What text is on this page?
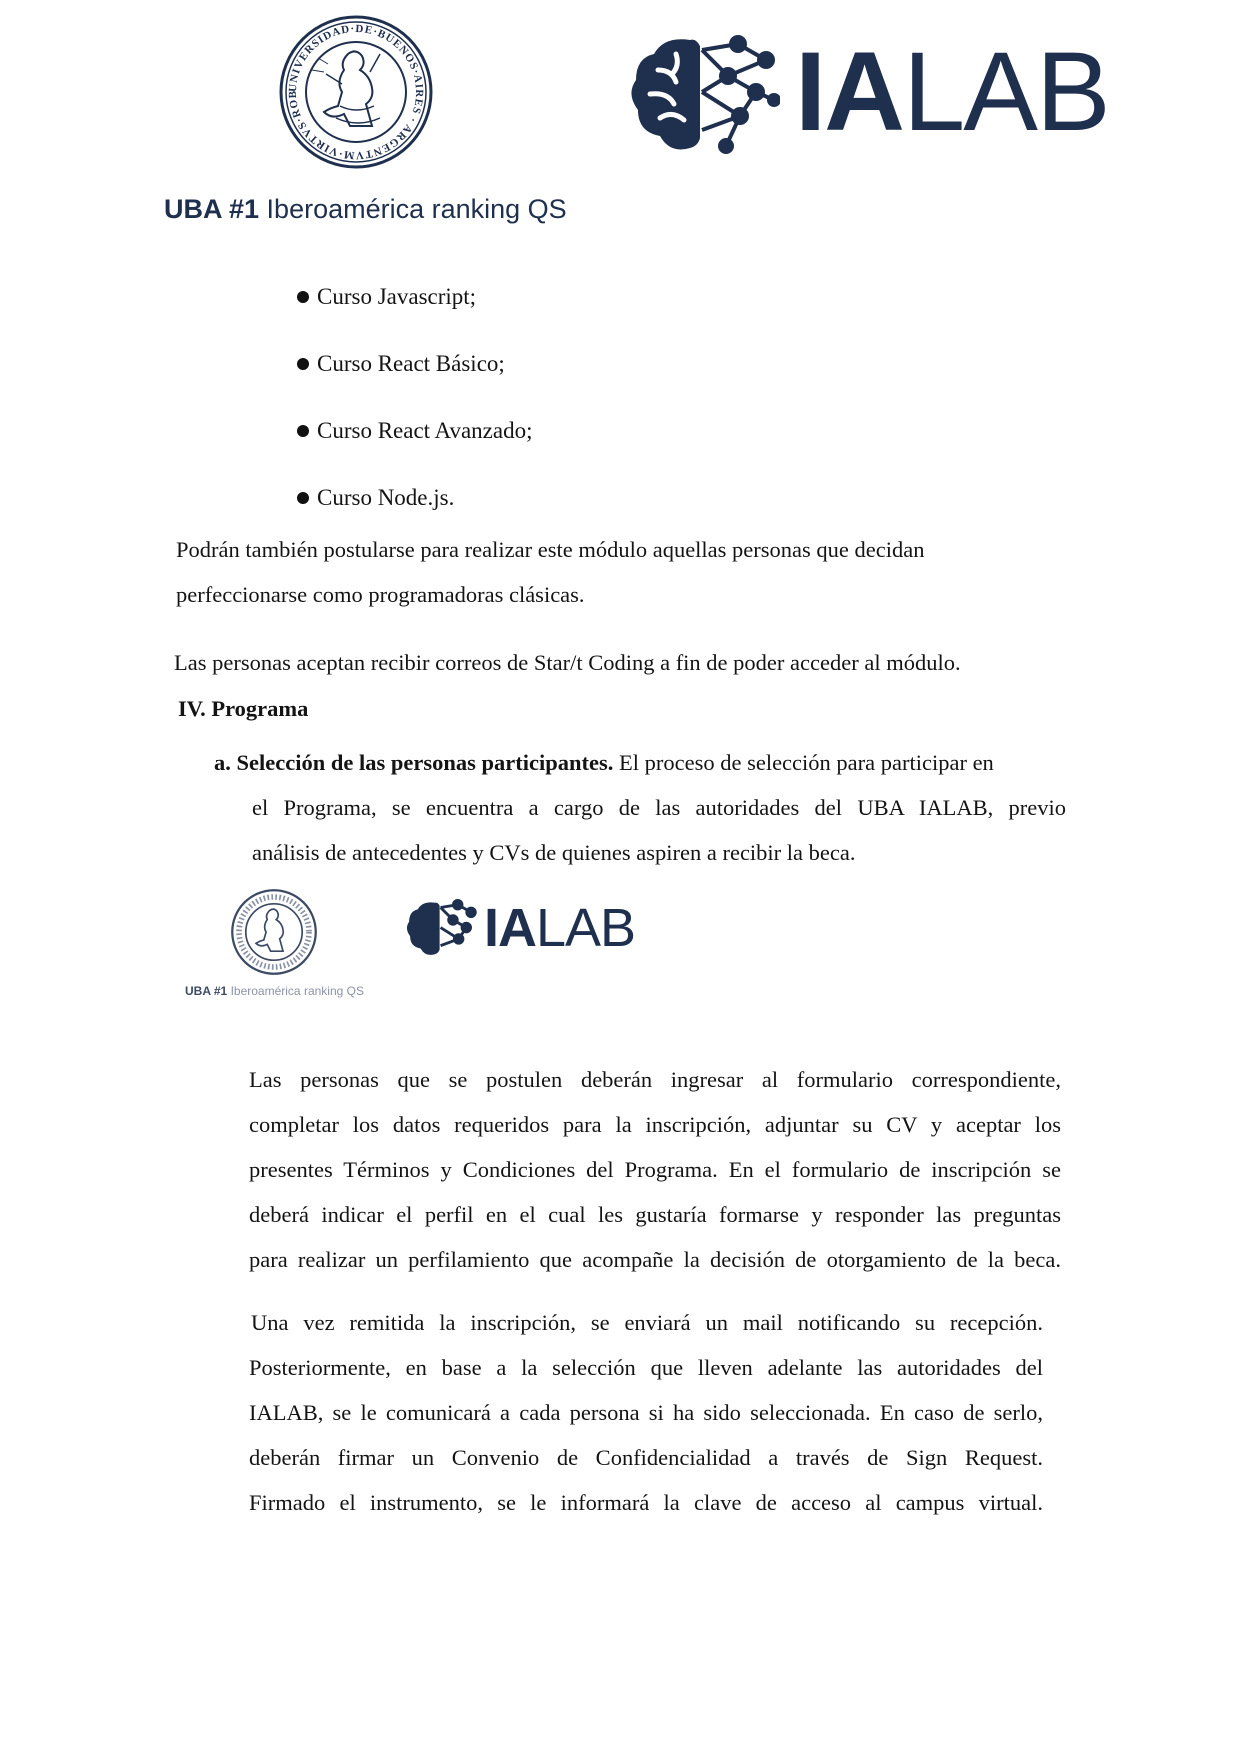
UNIVERSIDAD·DE·BUENOS·AIRES · ARGENTVM·VIRTVS·ROB	IALAB
UBA #1 Iberoamérica ranking QS
Curso Javascript;
Curso React Básico;
Curso React Avanzado;
Curso Node.js.
Podrán también postularse para realizar este módulo aquellas personas que decidan
perfeccionarse como programadoras clásicas.
Las personas aceptan recibir correos de Star/t Coding a fin de poder acceder al módulo.
IV. Programa
a. Selección de las personas participantes. El proceso de selección para participar en
el Programa, se encuentra a cargo de las autoridades del UBA IALAB, previo
análisis de antecedentes y CVs de quienes aspiren a recibir la beca.
UBA #1 Iberoamérica ranking QS
IALAB
Las personas que se postulen deberán ingresar al formulario correspondiente,
completar los datos requeridos para la inscripción, adjuntar su CV y aceptar los
presentes Términos y Condiciones del Programa. En el formulario de inscripción se
deberá indicar el perfil en el cual les gustaría formarse y responder las preguntas
para realizar un perfilamiento que acompañe la decisión de otorgamiento de la beca.
Una vez remitida la inscripción, se enviará un mail notificando su recepción.
Posteriormente, en base a la selección que lleven adelante las autoridades del
IALAB, se le comunicará a cada persona si ha sido seleccionada. En caso de serlo,
deberán firmar un Convenio de Confidencialidad a través de Sign Request.
Firmado el instrumento, se le informará la clave de acceso al campus virtual.
